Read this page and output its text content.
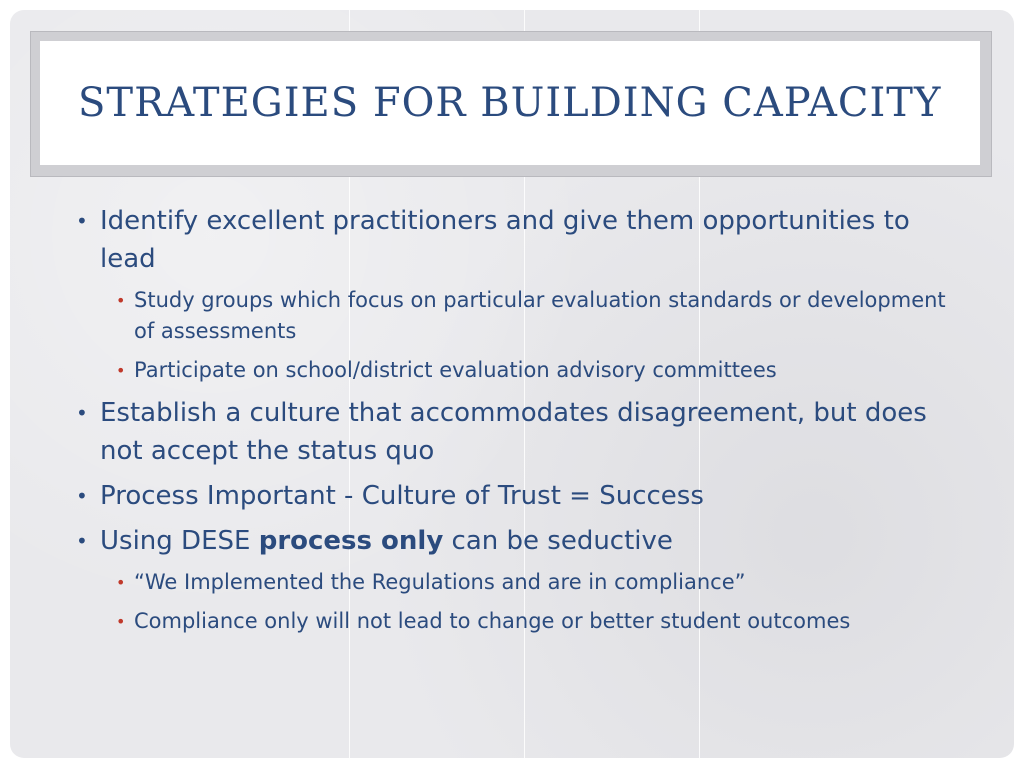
STRATEGIES FOR BUILDING CAPACITY
• Identify excellent practitioners and give them opportunities to lead
• Study groups which focus on particular evaluation standards or development of assessments
• Participate on school/district evaluation advisory committees
• Establish a culture that accommodates disagreement, but does not accept the status quo
• Process Important - Culture of Trust = Success
• Using DESE process only can be seductive
• “We Implemented the Regulations and are in compliance”
• Compliance only will not lead to change or better student outcomes
